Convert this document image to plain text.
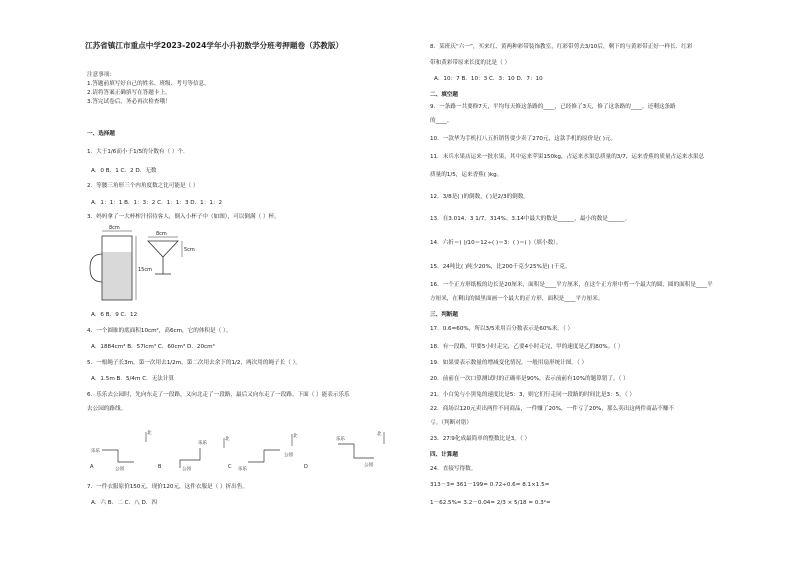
江苏省镇江市重点中学2023-2024学年小升初数学分班考押题卷（苏教版）
注意事项：
1.答题前填写好自己的姓名、班级、考号等信息。
2.请将答案正确填写在答题卡上。
3.答完试卷后，务必再次检查哦！
一、选择题
1．大于1/6而小于1/5的分数有（ ）个.
A．0 B．1 C．2 D．无数
2．等腰三角形三个内角度数之比可能是（ ）
A．1：1：1 B．1：3：2 C．1：1：3 D．1：1：2
3．妈妈拿了一大杯榨汁招待客人，倒入小杯子中（如图），可以倒满（ ）杯。
8cm
15cm
8cm
5cm
A．6 B．9 C．12
4．一个圆锥的底面积10cm²，高6cm，它的体积是（ ）。
A．1884cm³ B．57lcm³ C．60cm³ D．20cm³
5．一根绳子长3m，第一次用去1/2m，第二次用去余下的1/2，两次用的绳子长（ ）。
A．1.5m B．5/4m C．无法计算
6．乐乐去公园时，先向东走了一段路，又向北走了一段路，最后又向东走了一段路。下面（ ）能表示乐乐
去公园的路线。
A
北
乐乐
公园	B
乐乐
北
公园	C
北
乐乐
公园
D
乐乐
北
公园
7．一件衣服原价150元，现价120元，这件衣服是（ ）折出售。
A．六 B．二 C．八 D．四
8．某班庆“六一”，买来红、黄两种彩带装饰教室，红彩带剪去3/10后，剩下的与黄彩带正好一样长．红彩
带和黄彩带原来长度的比是（ ）
A．10：7 B．10：3 C．3：10 D．7：10
二、填空题
9．一条路一共要修7天，平均每天修这条路的____，已经修了3天，修了这条路的____，还剩这条路
的____。
10．一款华为手机打八五折销售要少卖了270元，这款手机的原价是( )元。
11．未兵水果店运来一批水果，其中运来苹果150kg，占运来水果总质量的3/7，运来香蕉的质量占运来水果总
质量的1/5，运来香蕉( )kg。
12．3/8是( )的倒数，( )是2/3的倒数。
13．在3.014、3 1/7、314%、3.1̇4̇中最大的数是______，最小的数是______。
14．六折＝( )/10＝12÷( )＝3：( )＝( )（填小数）。
15．24吨比( )吨少20%，比200千克少25%是( )千克。
16．一个正方形纸板的边长是20厘米，面积是____平方厘米，在这个正方形中剪一个最大的圆，圆的面积是____平
方厘米，在剩出的圆里面画一个最大的正方形，面积是____平方厘米。
三、判断题
17．0.6=60%，所以3/5米用百分数表示是60%米。（ ）
18．有一段路，甲要5小时走完，乙要4小时走完，甲的速度是乙的80%。（ ）
19．如果要表示数量的增减变化情况，一般用扇形统计图。（ ）
20．前前在一次口算测试时的正确率是90%，表示前前有10%的题算错了。（ ）
21．小白兔与小黑兔的速度比是5：3，则它们行走同一段路的时间比是3：5。（ ）
22．商场以120元卖出两件不同商品，一件赚了20%，一件亏了20%，那么卖出这两件商品不赚不
亏。（判断对错）
23．27∶9化成最简单的整数比是3。（ ）
四、计算题
24．直接写得数。
313－3= 361－199= 0.72÷0.6= 8.1×1.5=
1－62.5%= 3.2－0.04= 2/3 × 5/18 = 0.3²=
